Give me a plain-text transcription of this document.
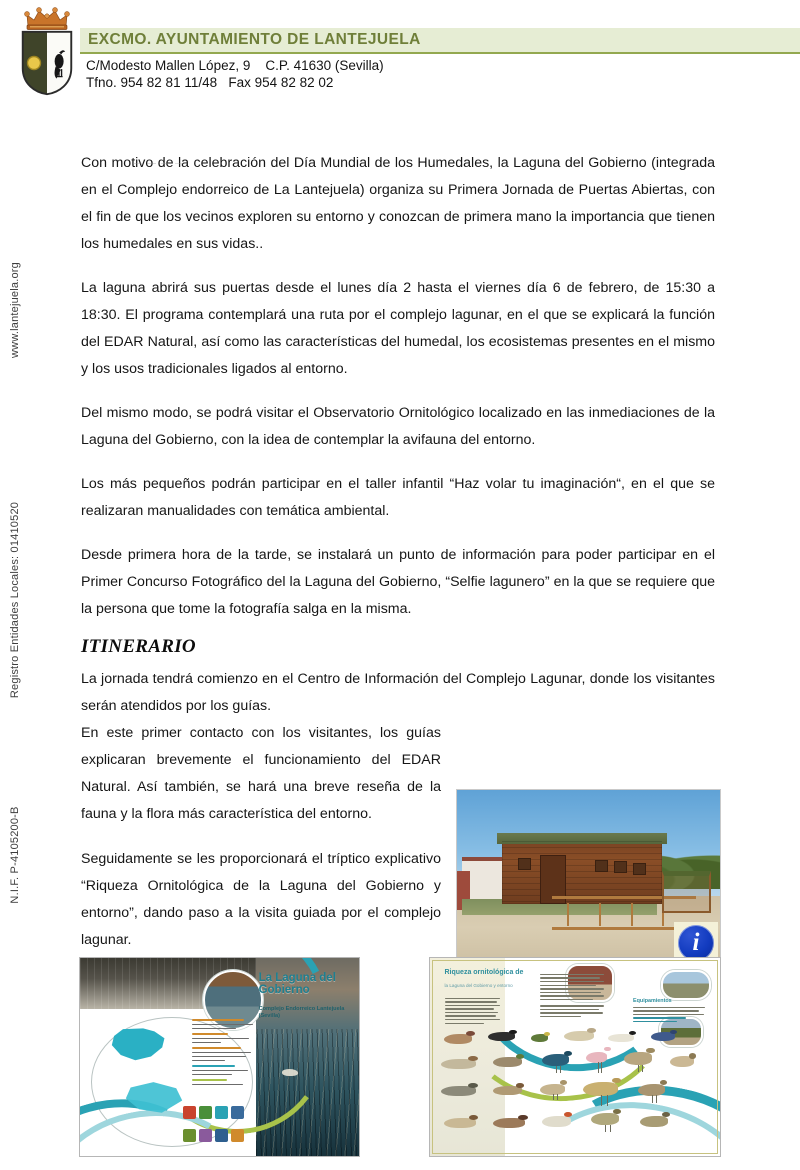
EXCMO. AYUNTAMIENTO DE LANTEJUELA
C/Modesto Mallen López, 9    C.P. 41630 (Sevilla)
Tfno. 954 82 81 11/48   Fax 954 82 82 02
www.lantejuela.org
Registro Entidades Locales: 01410520
N.I.F. P-4105200-B

Con motivo de la celebración del Día Mundial de los Humedales, la Laguna del Gobierno (integrada en el Complejo endorreico de La Lantejuela) organiza su Primera Jornada de Puertas Abiertas, con el fin de que los vecinos exploren su entorno y conozcan de primera mano la importancia que tienen los humedales en sus vidas..

La laguna abrirá sus puertas desde el lunes día 2 hasta el viernes día 6 de febrero, de 15:30 a 18:30. El programa contemplará una ruta por el complejo lagunar, en el que se explicará la función del EDAR Natural, así como las características del humedal, los ecosistemas presentes en el mismo y los usos tradicionales ligados al entorno.

Del mismo modo, se podrá visitar el Observatorio Ornitológico localizado en las inmediaciones de la Laguna del Gobierno, con la idea de contemplar la avifauna del entorno.

Los más pequeños podrán participar en el taller infantil “Haz volar tu imaginación“, en el que se realizaran manualidades con temática ambiental.

Desde primera hora de la tarde, se instalará un punto de información para poder participar en el Primer Concurso Fotográfico del la Laguna del Gobierno, “Selfie lagunero” en la que se requiere que la persona que tome la fotografía salga en la misma.

ITINERARIO

La jornada tendrá comienzo en el Centro de Información del Complejo Lagunar, donde los visitantes serán atendidos por los guías.

En este primer contacto con los visitantes, los guías explicaran brevemente el funcionamiento del EDAR Natural. Así también, se hará una breve reseña de la fauna y la flora más característica del entorno.

Seguidamente se les proporcionará el tríptico explicativo “Riqueza Ornitológica de la Laguna del Gobierno y entorno”, dando paso a la visita guiada por el complejo lagunar.	i
La Laguna del Gobierno
Complejo Endorreico Lantejuela (Sevilla)
Riqueza ornitológica de
la Laguna del Gobierno y entorno
Equipamientos
